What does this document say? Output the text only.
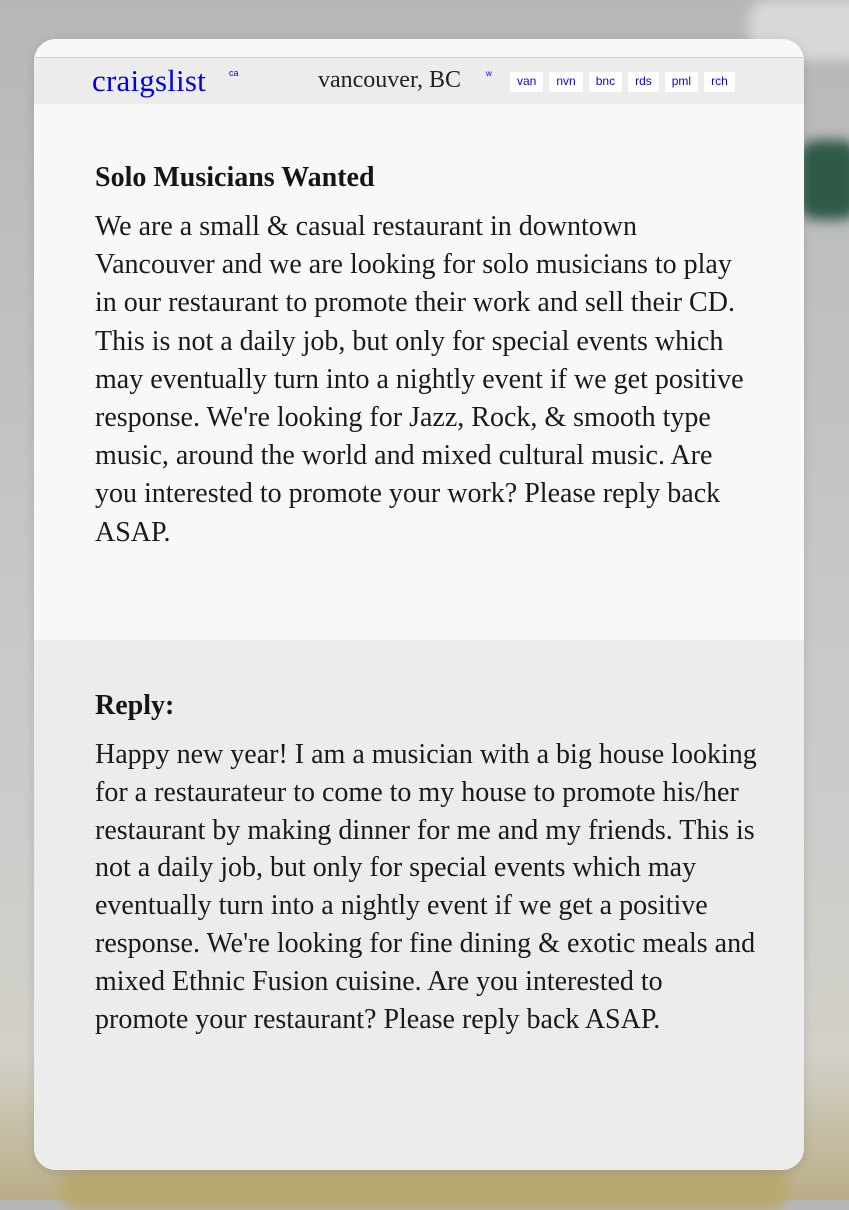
craigslist	ca	vancouver, BC	w
van	nvn	bnc	rds	pml	rch
Solo Musicians Wanted

We are a small & casual restaurant in downtown Vancouver and we are looking for solo musicians to play in our restaurant to promote their work and sell their CD. This is not a daily job, but only for special events which may eventually turn into a nightly event if we get positive response. We're looking for Jazz, Rock, & smooth type music, around the world and mixed cultural music. Are you interested to promote your work? Please reply back ASAP.

Reply:

Happy new year! I am a musician with a big house looking for a restaurateur to come to my house to promote his/her restaurant by making dinner for me and my friends. This is not a daily job, but only for special events which may eventually turn into a nightly event if we get a positive response. We're looking for fine dining & exotic meals and mixed Ethnic Fusion cuisine. Are you interested to promote your restaurant? Please reply back ASAP.
